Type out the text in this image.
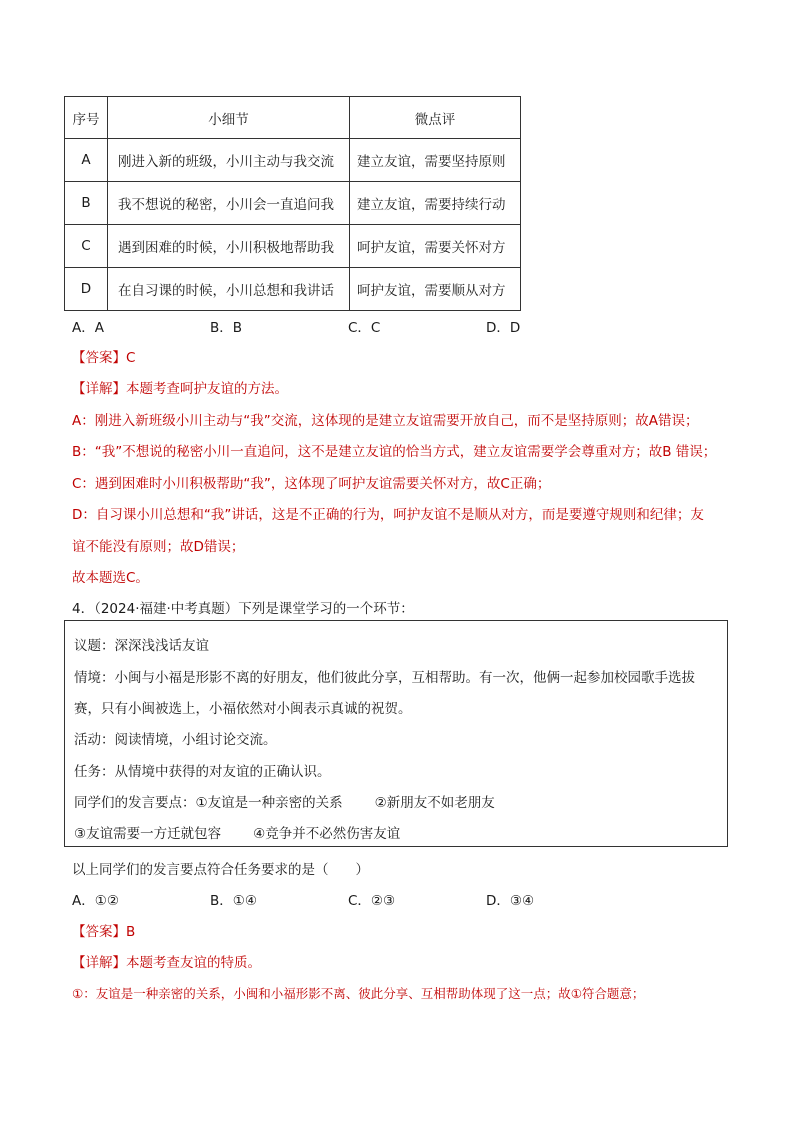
序号	小细节	微点评
A	刚进入新的班级，小川主动与我交流	建立友谊，需要坚持原则
B	我不想说的秘密，小川会一直追问我	建立友谊，需要持续行动
C	遇到困难的时候，小川积极地帮助我	呵护友谊，需要关怀对方
D	在自习课的时候，小川总想和我讲话	呵护友谊，需要顺从对方
A．A	B．B	C．C	D．D
【答案】C
【详解】本题考查呵护友谊的方法。
A：刚进入新班级小川主动与“我”交流，这体现的是建立友谊需要开放自己，而不是坚持原则；故A错误；
B：“我”不想说的秘密小川一直追问，这不是建立友谊的恰当方式，建立友谊需要学会尊重对方；故B 错误；
C：遇到困难时小川积极帮助“我”，这体现了呵护友谊需要关怀对方，故C正确；
D：自习课小川总想和“我”讲话，这是不正确的行为，呵护友谊不是顺从对方，而是要遵守规则和纪律；友
谊不能没有原则；故D错误；
故本题选C。
4．（2024·福建·中考真题）下列是课堂学习的一个环节：
议题：深深浅浅话友谊
情境：小闽与小福是形影不离的好朋友，他们彼此分享，互相帮助。有一次，他俩一起参加校园歌手选拔
赛，只有小闽被选上，小福依然对小闽表示真诚的祝贺。
活动：阅读情境，小组讨论交流。
任务：从情境中获得的对友谊的正确认识。
同学们的发言要点：①友谊是一种亲密的关系 ②新朋友不如老朋友
③友谊需要一方迁就包容 ④竞争并不必然伤害友谊
以上同学们的发言要点符合任务要求的是（　　）
A．①②	B．①④	C．②③	D．③④
【答案】B
【详解】本题考查友谊的特质。
①：友谊是一种亲密的关系，小闽和小福形影不离、彼此分享、互相帮助体现了这一点；故①符合题意；
